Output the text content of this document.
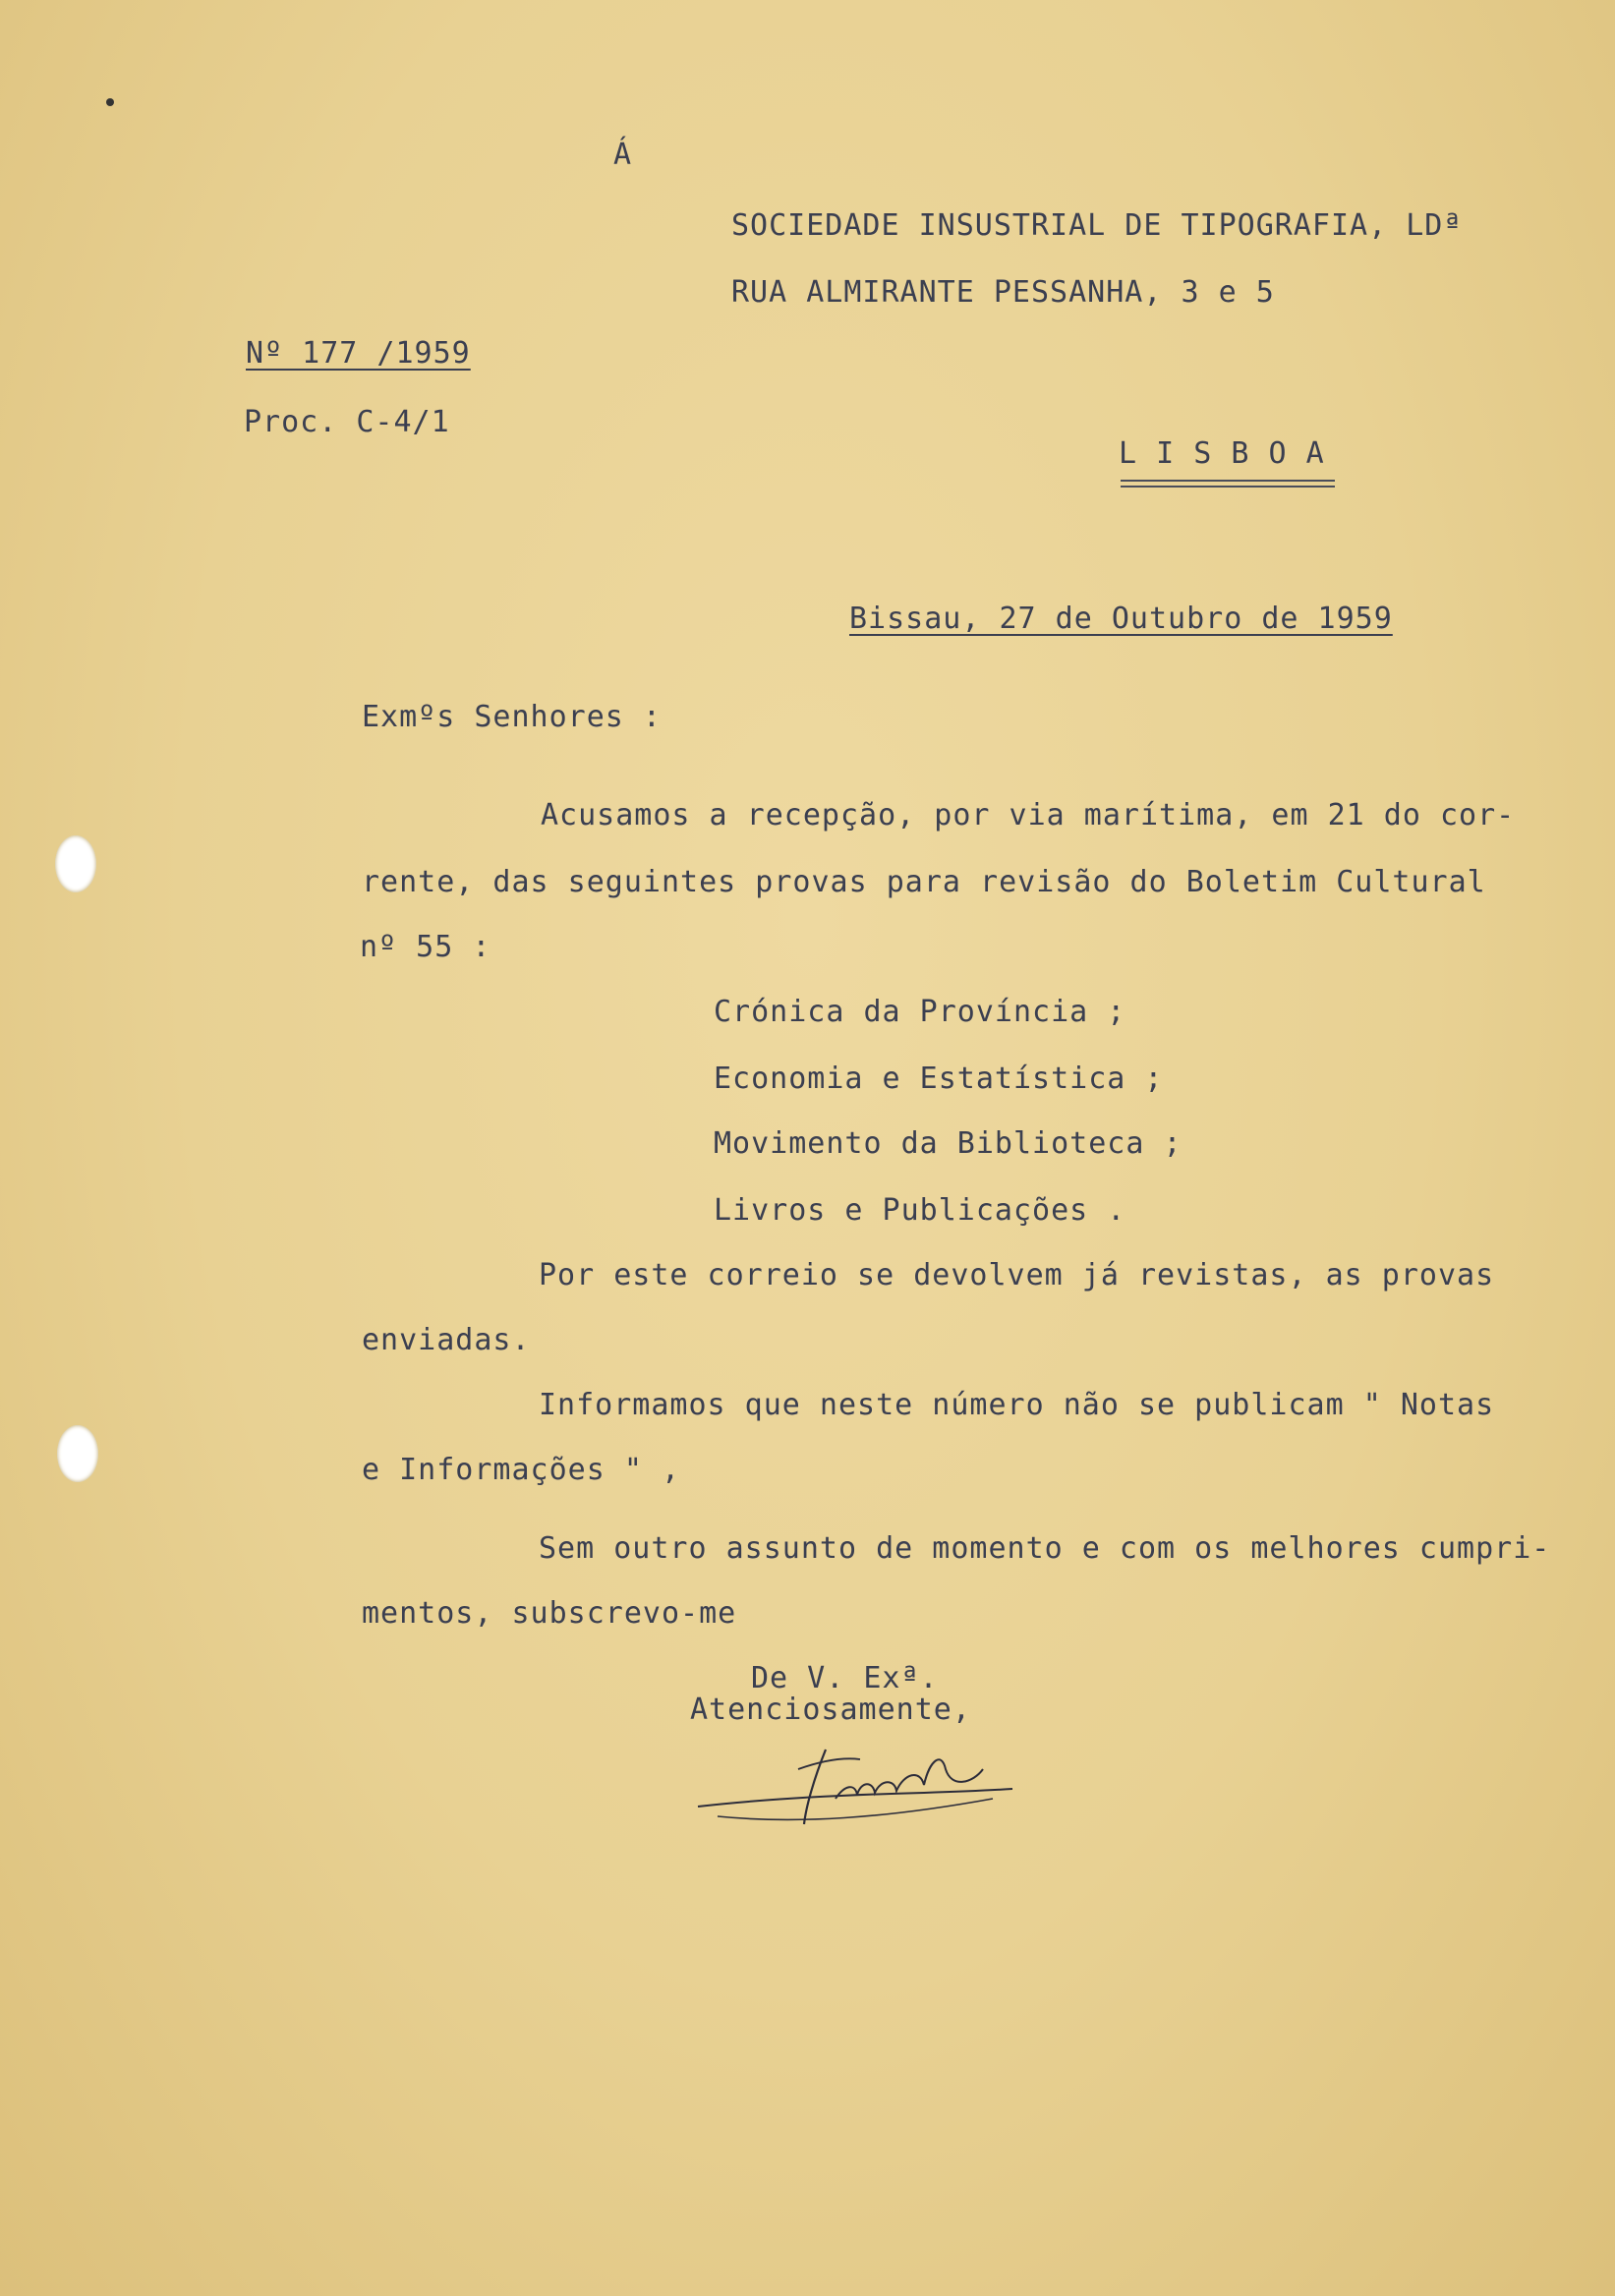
Á
SOCIEDADE INSUSTRIAL DE TIPOGRAFIA, LDª
RUA ALMIRANTE PESSANHA, 3 e 5
Nº 177 /1959
Proc. C-4/1
L I S B O A
Bissau, 27 de Outubro de 1959
Exmºs Senhores :
Acusamos a recepção, por via marítima, em 21 do cor-
rente, das seguintes provas para revisão do Boletim Cultural
nº 55 :
Crónica da Província ;
Economia e Estatística ;
Movimento da Biblioteca ;
Livros e Publicações .
Por este correio se devolvem já revistas, as provas
enviadas.
Informamos que neste número não se publicam " Notas
e Informações " ,
Sem outro assunto de momento e com os melhores cumpri-
mentos, subscrevo-me
De V. Exª.
Atenciosamente,
